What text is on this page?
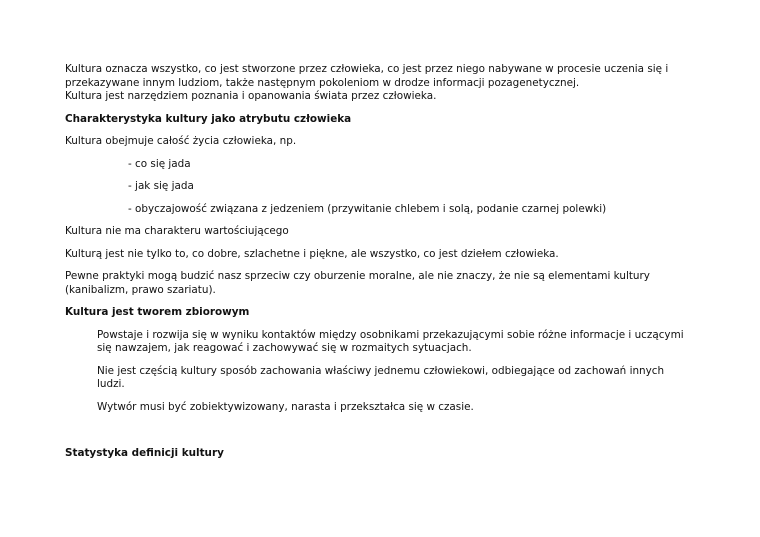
Kultura oznacza wszystko, co jest stworzone przez człowieka, co jest przez niego nabywane w procesie uczenia się i przekazywane innym ludziom, także następnym pokoleniom w drodze informacji pozagenetycznej.

Kultura jest narzędziem poznania i opanowania świata przez człowieka.

Charakterystyka kultury jako atrybutu człowieka

Kultura obejmuje całość życia człowieka, np.

- co się jada

- jak się jada

- obyczajowość związana z jedzeniem (przywitanie chlebem i solą, podanie czarnej polewki)

Kultura nie ma charakteru wartościującego

Kulturą jest nie tylko to, co dobre, szlachetne i piękne, ale wszystko, co jest dziełem człowieka.

Pewne praktyki mogą budzić nasz sprzeciw czy oburzenie moralne, ale nie znaczy, że nie są elementami kultury (kanibalizm, prawo szariatu).

Kultura jest tworem zbiorowym

Powstaje i rozwija się w wyniku kontaktów między osobnikami przekazującymi sobie różne informacje i uczącymi się nawzajem, jak reagować i zachowywać się w rozmaitych sytuacjach.
Nie jest częścią kultury sposób zachowania właściwy jednemu człowiekowi, odbiegające od zachowań innych ludzi.
Wytwór musi być zobiektywizowany, narasta i przekształca się w czasie.

Statystyka definicji kultury
